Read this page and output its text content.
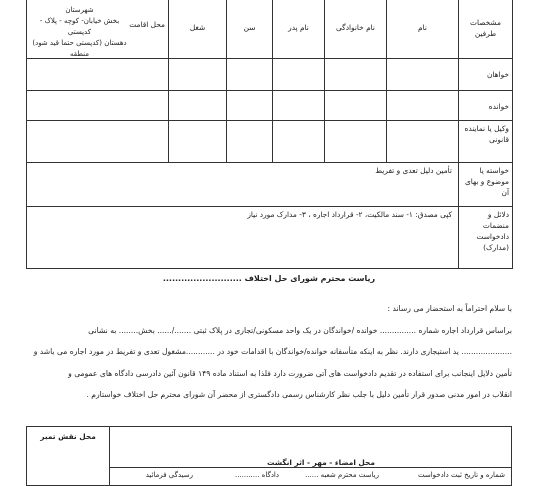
مشخصات طرفین	نام	نام خانوادگی	نام پدر	سن	شغل	محل اقامت
شهرستان
بخش خیابان- کوچه - پلاک - کدپستی
دهستان (کدپستی حتما قید شود)
منطقه

خواهان						
خوانده						
وکیل یا نماینده قانونی						
خواسته یا موضوع و بهای آن	تأمین دلیل تعدی و تفریط					
دلائل و منضمات دادخواست (مدارک)	کپی مصدق: ۱- سند مالکیت، ۲- قرارداد اجاره ، ۳- مدارک مورد نیاز					
ریاست محترم شورای حل اختلاف ..........................

با سلام احتراماً به استحضار می رساند :

براساس قرارداد اجاره شماره ............... خوانده /خواندگان در یک واحد مسکونی/تجاری در پلاک ثبتی ......./...... بخش........ به نشانی

..................... ید استیجاری دارند. نظر به اینکه متأسفانه خوانده/خواندگان با اقدامات خود در ............مشغول تعدی و تفریط در مورد اجاره می باشد و

تأمین دلایل اینجانب برای استفاده در تقدیم دادخواست های آتی ضرورت دارد فلذا به استناد ماده ۱۴۹ قانون آئین دادرسی دادگاه های عمومی و

انقلاب در امور مدنی صدور قرار تأمین دلیل با جلب نظر کارشناس رسمی دادگستری از محضر آن شورای محترم حل اختلاف خواستارم .

محل نقش تمبر
محل امضاء - مهر - اثر انگشت
شماره و تاریخ ثبت دادخواست
ریاست محترم شعبه ......
دادگاه ...........
رسیدگی فرمائید
